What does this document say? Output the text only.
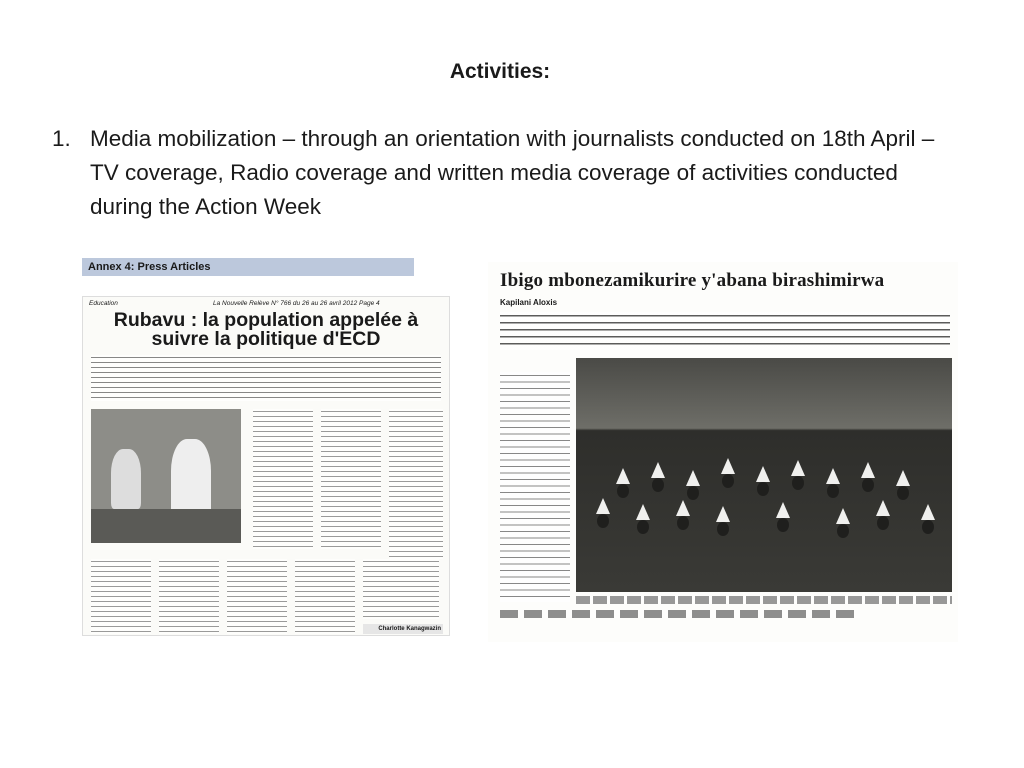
Activities:
1. Media mobilization – through an orientation with journalists conducted on 18th April – TV coverage, Radio coverage and written media coverage of activities conducted during the Action Week
Annex 4: Press Articles
Education	La Nouvelle Relève N° 766 du 26 au 26 avril 2012 Page 4
Rubavu : la population appelée à suivre la politique d'ECD
Charlotte Kanagwazin
Ibigo mbonezamikurire y'abana birashimirwa
Kapilani Aloxis
